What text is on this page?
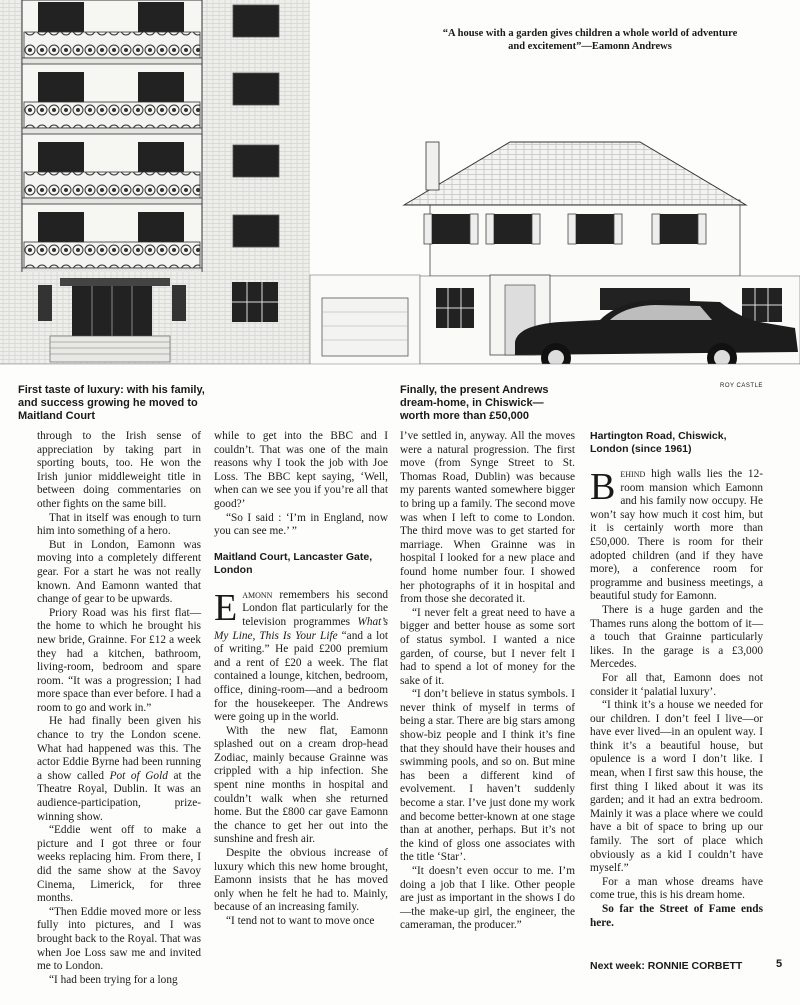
“A house with a garden gives children a whole world of adventure and excitement”—Eamonn Andrews
ROY CASTLE
First taste of luxury: with his family, and success growing he moved to Maitland Court
Finally, the present Andrews dream-home, in Chiswick—worth more than £50,000

through to the Irish sense of appreciation by taking part in sporting bouts, too. He won the Irish junior middleweight title in between doing commentaries on other fights on the same bill.

That in itself was enough to turn him into something of a hero.

But in London, Eamonn was moving into a completely different gear. For a start he was not really known. And Eamonn wanted that change of gear to be upwards.

Priory Road was his first flat—the home to which he brought his new bride, Grainne. For £12 a week they had a kitchen, bathroom, living-room, bedroom and spare room. “It was a progression; I had more space than ever before. I had a room to go and work in.”

He had finally been given his chance to try the London scene. What had happened was this. The actor Eddie Byrne had been running a show called Pot of Gold at the Theatre Royal, Dublin. It was an audience-participation, prize-winning show.

“Eddie went off to make a picture and I got three or four weeks replacing him. From there, I did the same show at the Savoy Cinema, Limerick, for three months.

“Then Eddie moved more or less fully into pictures, and I was brought back to the Royal. That was when Joe Loss saw me and invited me to London.

“I had been trying for a long

while to get into the BBC and I couldn’t. That was one of the main reasons why I took the job with Joe Loss. The BBC kept saying, ‘Well, when can we see you if you’re all that good?’

“So I said : ‘I’m in England, now you can see me.’ ”

Maitland Court, Lancaster Gate, London

Eamonn remembers his second London flat particularly for the television programmes What’s My Line, This Is Your Life “and a lot of writing.” He paid £200 premium and a rent of £20 a week. The flat contained a lounge, kitchen, bedroom, office, dining-room—and a bedroom for the housekeeper. The Andrews were going up in the world.

With the new flat, Eamonn splashed out on a cream drop-head Zodiac, mainly because Grainne was crippled with a hip infection. She spent nine months in hospital and couldn’t walk when she returned home. But the £800 car gave Eamonn the chance to get her out into the sunshine and fresh air.

Despite the obvious increase of luxury which this new home brought, Eamonn insists that he has moved only when he felt he had to. Mainly, because of an increasing family.

“I tend not to want to move once

I’ve settled in, anyway. All the moves were a natural progression. The first move (from Synge Street to St. Thomas Road, Dublin) was because my parents wanted somewhere bigger to bring up a family. The second move was when I left to come to London. The third move was to get started for marriage. When Grainne was in hospital I looked for a new place and found home number four. I showed her photographs of it in hospital and from those she decorated it.

“I never felt a great need to have a bigger and better house as some sort of status symbol. I wanted a nice garden, of course, but I never felt I had to spend a lot of money for the sake of it.

“I don’t believe in status symbols. I never think of myself in terms of being a star. There are big stars among show-biz people and I think it’s fine that they should have their houses and swimming pools, and so on. But mine has been a different kind of evolvement. I haven’t suddenly become a star. I’ve just done my work and become better-known at one stage than at another, perhaps. But it’s not the kind of gloss one associates with the title ‘Star’.

“It doesn’t even occur to me. I’m doing a job that I like. Other people are just as important in the shows I do—the make-up girl, the engineer, the cameraman, the producer.”

Hartington Road, Chiswick, London (since 1961)

Behind high walls lies the 12-room mansion which Eamonn and his family now occupy. He won’t say how much it cost him, but it is certainly worth more than £50,000. There is room for their adopted children (and if they have more), a conference room for programme and business meetings, a beautiful study for Eamonn.

There is a huge garden and the Thames runs along the bottom of it—a touch that Grainne particularly likes. In the garage is a £3,000 Mercedes.

For all that, Eamonn does not consider it ‘palatial luxury’.

“I think it’s a house we needed for our children. I don’t feel I live—or have ever lived—in an opulent way. I think it’s a beautiful house, but opulence is a word I don’t like. I mean, when I first saw this house, the first thing I liked about it was its garden; and it had an extra bedroom. Mainly it was a place where we could have a bit of space to bring up our family. The sort of place which obviously as a kid I couldn’t have myself.”

For a man whose dreams have come true, this is his dream home.

So far the Street of Fame ends here.

Next week: RONNIE CORBETT	5
